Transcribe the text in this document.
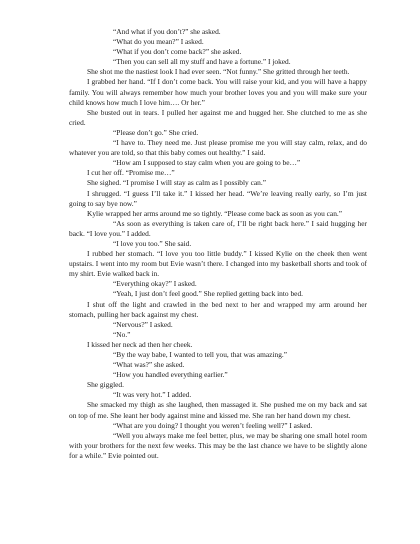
“And what if you don’t?” she asked.

“What do you mean?” I asked.

“What if you don’t come back?” she asked.

“Then you can sell all my stuff and have a fortune.” I joked.

She shot me the nastiest look I had ever seen. “Not funny.” She gritted through her teeth.

I grabbed her hand. “If I don’t come back. You will raise your kid, and you will have a happy family. You will always remember how much your brother loves you and you will make sure your child knows how much I love him…. Or her.”

She busted out in tears. I pulled her against me and hugged her. She clutched to me as she cried.

“Please don’t go.” She cried.

“I have to. They need me. Just please promise me you will stay calm, relax, and do whatever you are told, so that this baby comes out healthy.” I said.

“How am I supposed to stay calm when you are going to be…”

I cut her off. “Promise me…”

She sighed. “I promise I will stay as calm as I possibly can.”

I shrugged. “I guess I’ll take it.” I kissed her head. “We’re leaving really early, so I’m just going to say bye now.”

Kylie wrapped her arms around me so tightly. “Please come back as soon as you can.”

“As soon as everything is taken care of, I’ll be right back here.” I said hugging her back. “I love you.” I added.

“I love you too.” She said.

I rubbed her stomach. “I love you too little buddy.” I kissed Kylie on the cheek then went upstairs. I went into my room but Evie wasn’t there. I changed into my basketball shorts and took of my shirt. Evie walked back in.

“Everything okay?” I asked.

“Yeah, I just don’t feel good.” She replied getting back into bed.

I shut off the light and crawled in the bed next to her and wrapped my arm around her stomach, pulling her back against my chest.

“Nervous?” I asked.

“No.”

I kissed her neck ad then her cheek.

“By the way babe, I wanted to tell you, that was amazing.”

“What was?” she asked.

“How you handled everything earlier.”

She giggled.

“It was very hot.” I added.

She smacked my thigh as she laughed, then massaged it. She pushed me on my back and sat on top of me. She leant her body against mine and kissed me. She ran her hand down my chest.

“What are you doing? I thought you weren’t feeling well?” I asked.

“Well you always make me feel better, plus, we may be sharing one small hotel room with your brothers for the next few weeks. This may be the last chance we have to be slightly alone for a while.” Evie pointed out.
